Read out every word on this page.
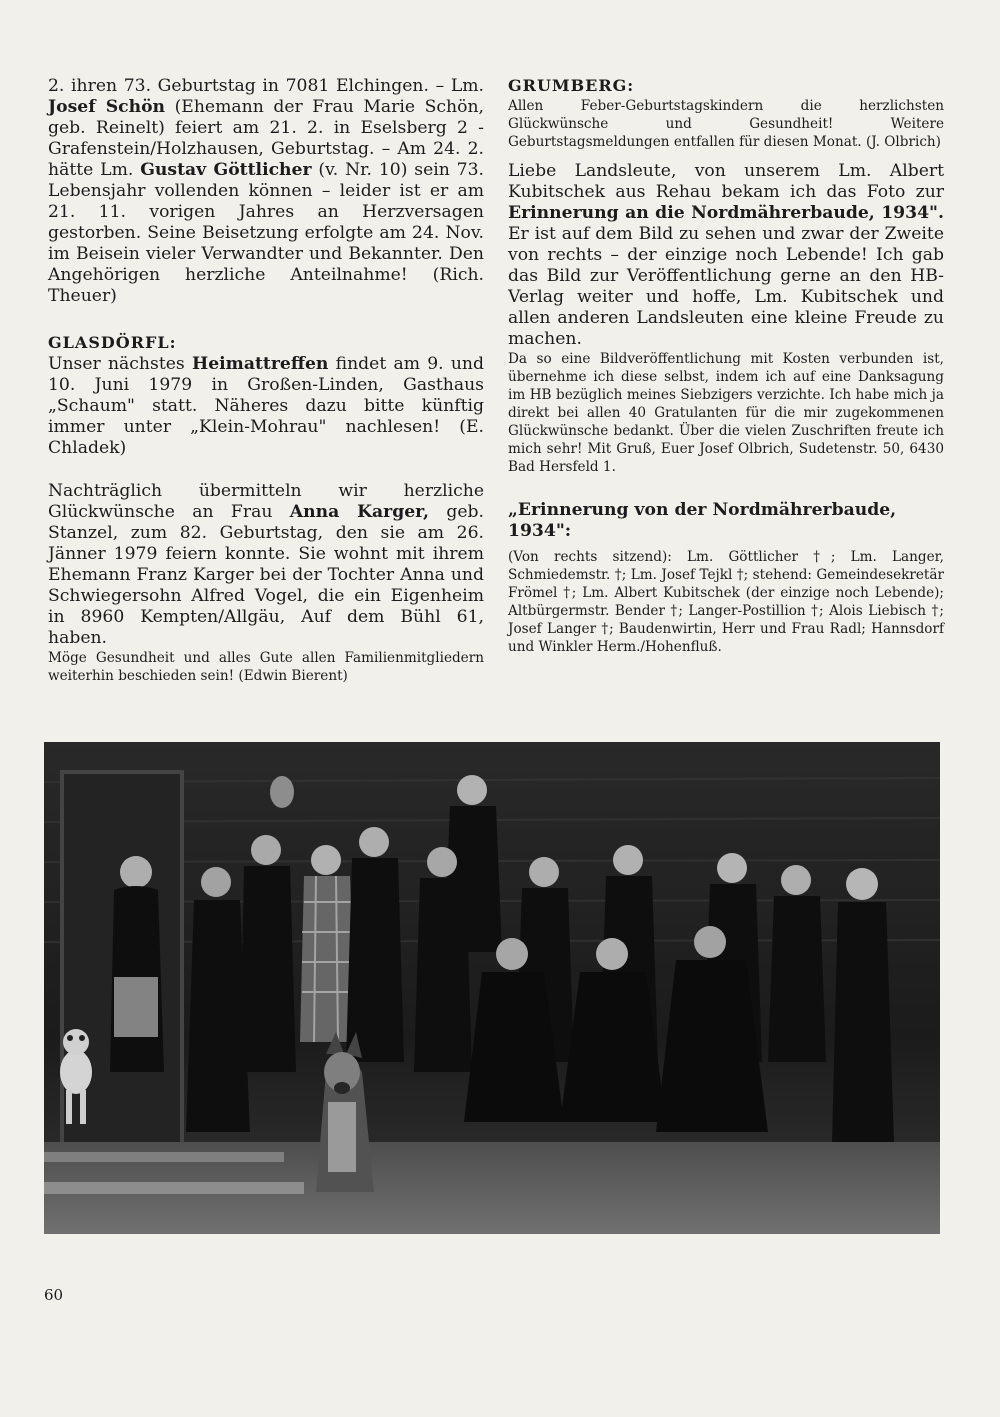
2. ihren 73. Geburtstag in 7081 Elchingen. – Lm. Josef Schön (Ehemann der Frau Marie Schön, geb. Reinelt) feiert am 21. 2. in Eselsberg 2 - Grafenstein/Holzhausen, Geburtstag. – Am 24. 2. hätte Lm. Gustav Göttlicher (v. Nr. 10) sein 73. Lebensjahr vollenden können – leider ist er am 21. 11. vorigen Jahres an Herzversagen gestorben. Seine Beisetzung erfolgte am 24. Nov. im Beisein vieler Verwandter und Bekannter. Den Angehörigen herzliche Anteilnahme! (Rich. Theuer)

GLASDÖRFL:

Unser nächstes Heimattreffen findet am 9. und 10. Juni 1979 in Großen-Linden, Gasthaus „Schaum" statt. Näheres dazu bitte künftig immer unter „Klein-Mohrau" nachlesen! (E. Chladek)

Nachträglich übermitteln wir herzliche Glückwünsche an Frau Anna Karger, geb. Stanzel, zum 82. Geburtstag, den sie am 26. Jänner 1979 feiern konnte. Sie wohnt mit ihrem Ehemann Franz Karger bei der Tochter Anna und Schwiegersohn Alfred Vogel, die ein Eigenheim in 8960 Kempten/Allgäu, Auf dem Bühl 61, haben.

Möge Gesundheit und alles Gute allen Familienmitgliedern weiterhin beschieden sein! (Edwin Bierent)

GRUMBERG:

Allen Feber-Geburtstagskindern die herzlichsten Glückwünsche und Gesundheit! Weitere Geburtstagsmeldungen entfallen für diesen Monat. (J. Olbrich)

Liebe Landsleute, von unserem Lm. Albert Kubitschek aus Rehau bekam ich das Foto zur Erinnerung an die Nordmährerbaude, 1934". Er ist auf dem Bild zu sehen und zwar der Zweite von rechts – der einzige noch Lebende! Ich gab das Bild zur Veröffentlichung gerne an den HB-Verlag weiter und hoffe, Lm. Kubitschek und allen anderen Landsleuten eine kleine Freude zu machen.

Da so eine Bildveröffentlichung mit Kosten verbunden ist, übernehme ich diese selbst, indem ich auf eine Danksagung im HB bezüglich meines Siebzigers verzichte. Ich habe mich ja direkt bei allen 40 Gratulanten für die mir zugekommenen Glückwünsche bedankt. Über die vielen Zuschriften freute ich mich sehr! Mit Gruß, Euer Josef Olbrich, Sudetenstr. 50, 6430 Bad Hersfeld 1.

„Erinnerung von der Nordmährerbaude, 1934":

(Von rechts sitzend): Lm. Göttlicher †; Lm. Langer, Schmiedemstr. †; Lm. Josef Tejkl †; stehend: Gemeindesekretär Frömel †; Lm. Albert Kubitschek (der einzige noch Lebende); Altbürgermstr. Bender †; Langer-Postillion †; Alois Liebisch †; Josef Langer †; Baudenwirtin, Herr und Frau Radl; Hannsdorf und Winkler Herm./Hohenfluß.

60
